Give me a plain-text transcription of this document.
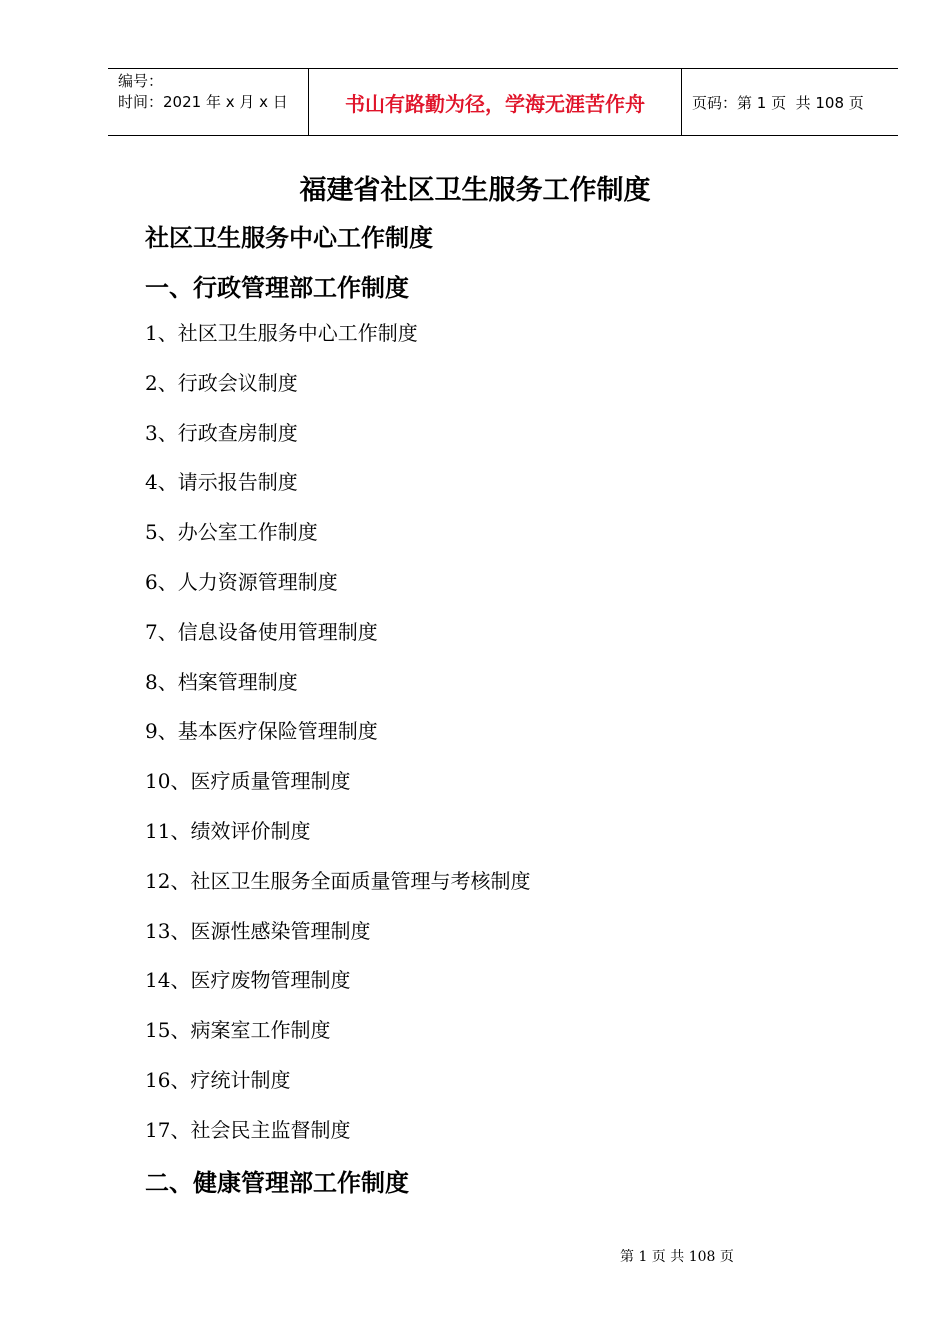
编号：
时间：2021 年 x 月 x 日	书山有路勤为径，学海无涯苦作舟	页码：第 1 页  共 108 页
福建省社区卫生服务工作制度
社区卫生服务中心工作制度
一、行政管理部工作制度
1、社区卫生服务中心工作制度
2、行政会议制度
3、行政查房制度
4、请示报告制度
5、办公室工作制度
6、人力资源管理制度
7、信息设备使用管理制度
8、档案管理制度
9、基本医疗保险管理制度
10、医疗质量管理制度
11、绩效评价制度
12、社区卫生服务全面质量管理与考核制度
13、医源性感染管理制度
14、医疗废物管理制度
15、病案室工作制度
16、疗统计制度
17、社会民主监督制度
二、健康管理部工作制度
第 1 页 共 108 页
